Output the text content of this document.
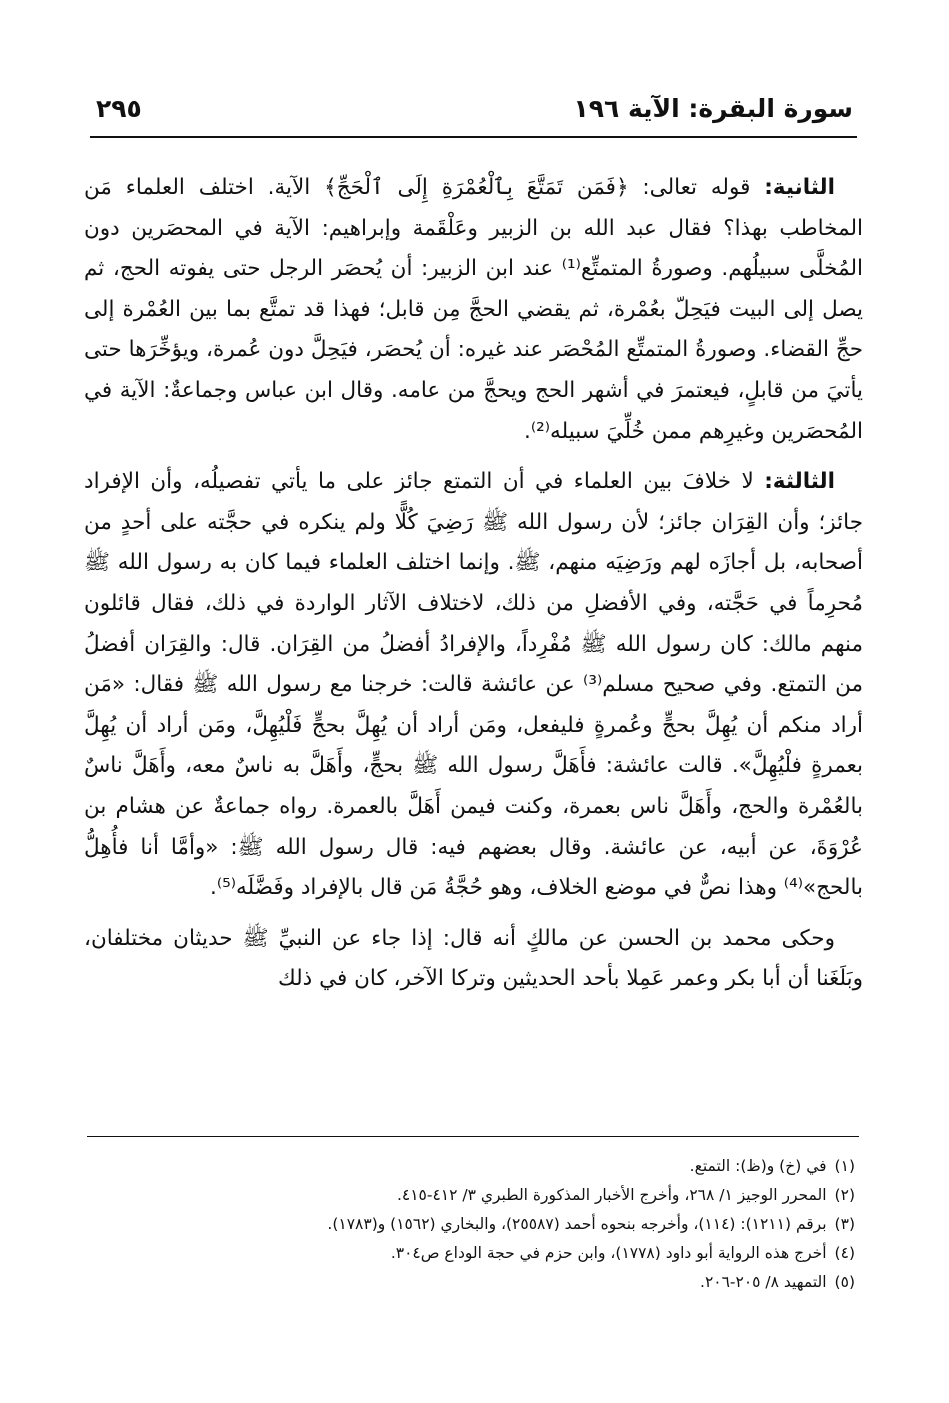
سورة البقرة: الآية ١٩٦
٢٩٥

الثانية: قوله تعالى: ﴿فَمَن تَمَتَّعَ بِٱلْعُمْرَةِ إِلَى ٱلْحَجِّ﴾ الآية. اختلف العلماء مَن المخاطب بهذا؟ فقال عبد الله بن الزبير وعَلْقَمة وإبراهيم: الآية في المحصَرين دون المُخلَّى سبيلُهم. وصورةُ المتمتِّع⁽¹⁾ عند ابن الزبير: أن يُحصَر الرجل حتى يفوته الحج، ثم يصل إلى البيت فيَحِلّ بعُمْرة، ثم يقضي الحجَّ مِن قابل؛ فهذا قد تمتَّع بما بين العُمْرة إلى حجِّ القضاء. وصورةُ المتمتِّع المُحْصَر عند غيره: أن يُحصَر، فيَحِلَّ دون عُمرة، ويؤخِّرَها حتى يأتيَ من قابلٍ، فيعتمرَ في أشهر الحج ويحجَّ من عامه. وقال ابن عباس وجماعةٌ: الآية في المُحصَرين وغيرِهم ممن خُلِّيَ سبيله⁽²⁾.

الثالثة: لا خلافَ بين العلماء في أن التمتع جائز على ما يأتي تفصيلُه، وأن الإفراد جائز؛ وأن القِرَان جائز؛ لأن رسول الله ﷺ رَضِيَ كُلًّا ولم ينكره في حجَّته على أحدٍ من أصحابه، بل أجازَه لهم ورَضِيَه منهم، ﷺ. وإنما اختلف العلماء فيما كان به رسول الله ﷺ مُحرِماً في حَجَّته، وفي الأفضلِ من ذلك، لاختلاف الآثار الواردة في ذلك، فقال قائلون منهم مالك: كان رسول الله ﷺ مُفْرِداً، والإفرادُ أفضلُ من القِرَان. قال: والقِرَان أفضلُ من التمتع. وفي صحيح مسلم⁽³⁾ عن عائشة قالت: خرجنا مع رسول الله ﷺ فقال: «مَن أراد منكم أن يُهِلَّ بحجٍّ وعُمرةٍ فليفعل، ومَن أراد أن يُهِلَّ بحجٍّ فَلْيُهِلَّ، ومَن أراد أن يُهِلَّ بعمرةٍ فلْيُهِلَّ». قالت عائشة: فأَهَلَّ رسول الله ﷺ بحجٍّ، وأَهَلَّ به ناسٌ معه، وأَهَلَّ ناسٌ بالعُمْرة والحج، وأَهَلَّ ناس بعمرة، وكنت فيمن أَهَلَّ بالعمرة. رواه جماعةٌ عن هشام بن عُرْوَةَ، عن أبيه، عن عائشة. وقال بعضهم فيه: قال رسول الله ﷺ: «وأمَّا أنا فأُهِلُّ بالحج»⁽⁴⁾ وهذا نصٌّ في موضع الخلاف، وهو حُجَّةُ مَن قال بالإفراد وفَضَّلَه⁽⁵⁾.

وحكى محمد بن الحسن عن مالكٍ أنه قال: إذا جاء عن النبيِّ ﷺ حديثان مختلفان، وبَلَغَنا أن أبا بكر وعمر عَمِلا بأحد الحديثين وتركا الآخر، كان في ذلك

(١)
في (خ) و(ظ): التمتع.
(٢)
المحرر الوجيز ١/ ٢٦٨، وأخرج الأخبار المذكورة الطبري ٣/ ٤١٢-٤١٥.
(٣)
برقم (١٢١١): (١١٤)، وأخرجه بنحوه أحمد (٢٥٥٨٧)، والبخاري (١٥٦٢) و(١٧٨٣).
(٤)
أخرج هذه الرواية أبو داود (١٧٧٨)، وابن حزم في حجة الوداع ص٣٠٤.
(٥)
التمهيد ٨/ ٢٠٥-٢٠٦.
